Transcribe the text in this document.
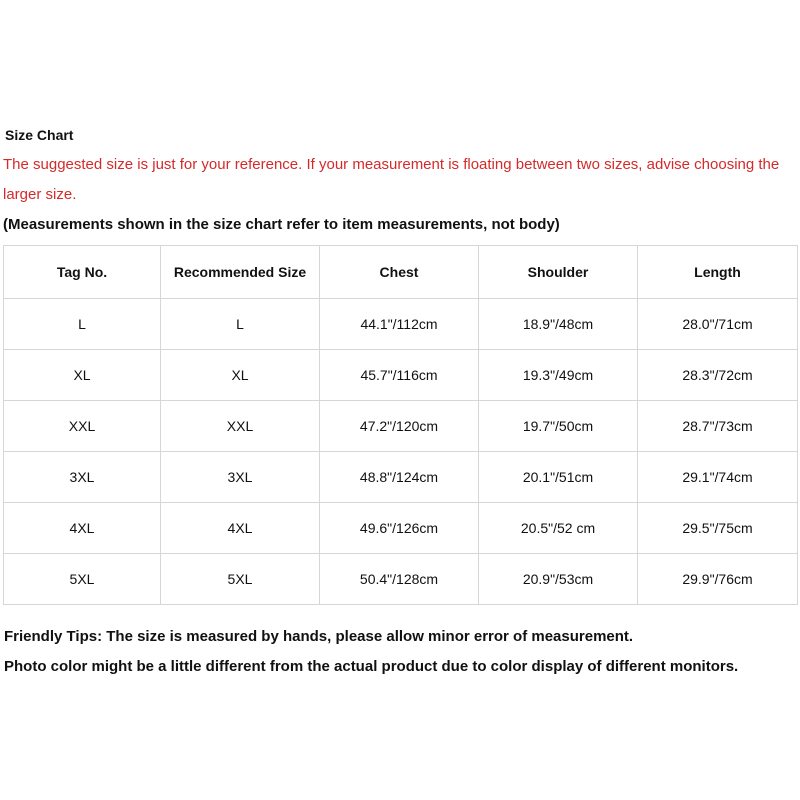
Size Chart

The suggested size is just for your reference. If your measurement is floating between two sizes, advise choosing the larger size.

(Measurements shown in the size chart refer to item measurements, not body)
Tag No.	Recommended Size	Chest	Shoulder	Length
L	L	44.1"/112cm	18.9"/48cm	28.0"/71cm
XL	XL	45.7"/116cm	19.3"/49cm	28.3"/72cm
XXL	XXL	47.2"/120cm	19.7"/50cm	28.7"/73cm
3XL	3XL	48.8"/124cm	20.1"/51cm	29.1"/74cm
4XL	4XL	49.6"/126cm	20.5"/52 cm	29.5"/75cm
5XL	5XL	50.4"/128cm	20.9"/53cm	29.9"/76cm
Friendly Tips: The size is measured by hands, please allow minor error of measurement.
Photo color might be a little different from the actual product due to color display of different monitors.
